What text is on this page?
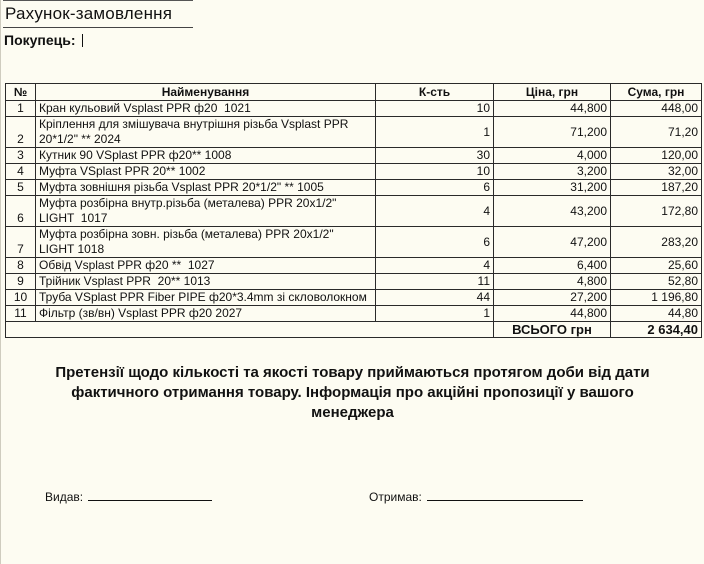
Рахунок-замовлення
Покупець:
№	Найменування	К-сть	Ціна, грн	Сума, грн
1	Кран кульовий Vsplast PPR ф20  1021	10	44,800	448,00
2	Кріплення для змішувача внутрішня різьба Vsplast PPR 20*1/2" ** 2024	1	71,200	71,20
3	Кутник 90 VSplast PPR ф20** 1008	30	4,000	120,00
4	Муфта VSplast PPR 20** 1002	10	3,200	32,00
5	Муфта зовнішня різьба Vsplast PPR 20*1/2" ** 1005	6	31,200	187,20
6	Муфта розбірна внутр.різьба (металева) PPR 20x1/2" LIGHT  1017	4	43,200	172,80
7	Муфта розбірна зовн. різьба (металева) PPR 20x1/2" LIGHT 1018	6	47,200	283,20
8	Обвід Vsplast PPR ф20 **  1027	4	6,400	25,60
9	Трійник Vsplast PPR  20** 1013	11	4,800	52,80
10	Труба VSplast PPR Fiber PIPE ф20*3.4mm зі скловолокном	44	27,200	1 196,80
11	Фільтр (зв/вн) Vsplast PPR ф20 2027	1	44,800	44,80
			ВСЬОГО грн	2 634,40

Претензії щодо кількості та якості товару приймаються протягом доби від дати фактичного отримання товару. Інформація про акційні пропозиції у вашого менеджера

Видав:	Отримав:
